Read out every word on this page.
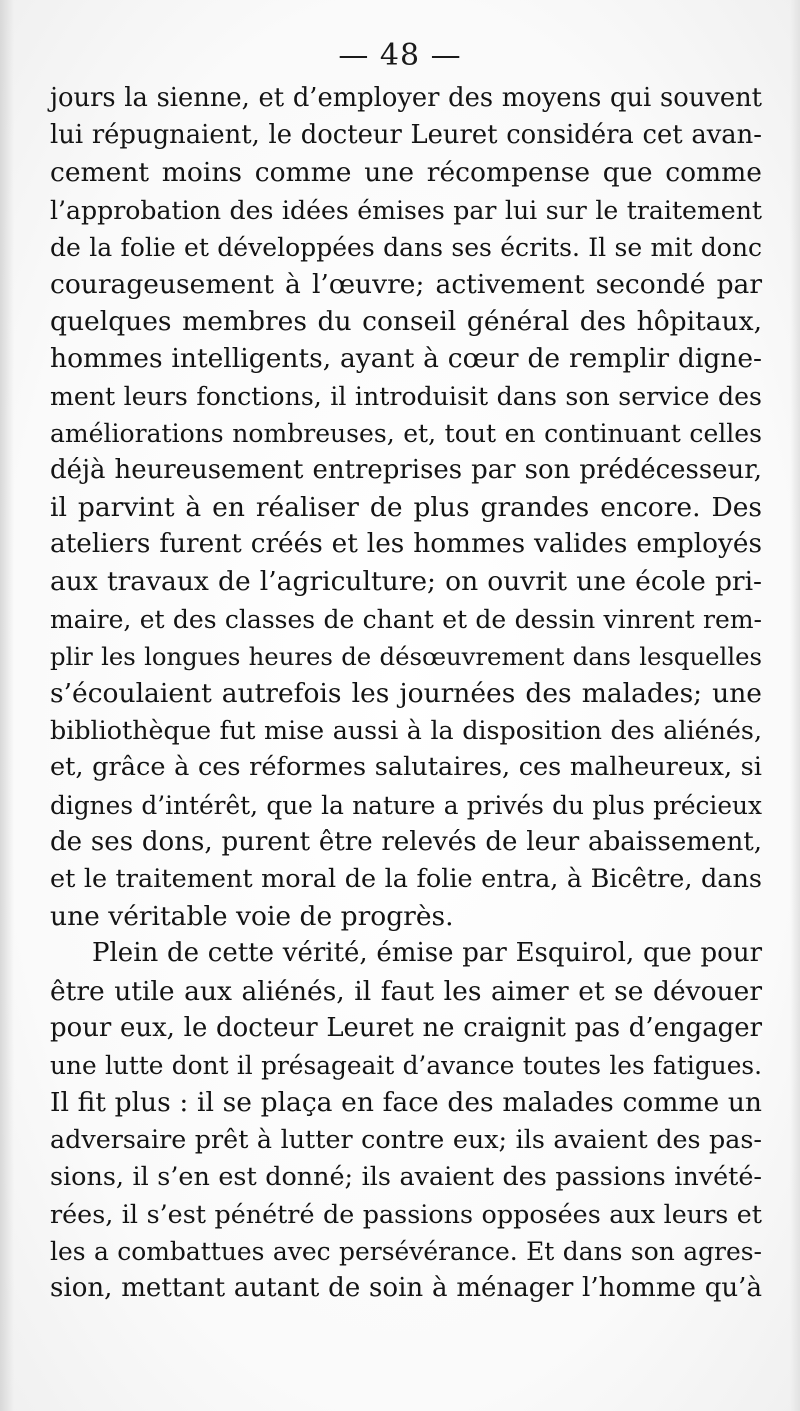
— 48 —
jours la sienne, et d’employer des moyens qui souvent
lui répugnaient, le docteur Leuret considéra cet avan-
cement moins comme une récompense que comme
l’approbation des idées émises par lui sur le traitement
de la folie et développées dans ses écrits. Il se mit donc
courageusement à l’œuvre; activement secondé par
quelques membres du conseil général des hôpitaux,
hommes intelligents, ayant à cœur de remplir digne-
ment leurs fonctions, il introduisit dans son service des
améliorations nombreuses, et, tout en continuant celles
déjà heureusement entreprises par son prédécesseur,
il parvint à en réaliser de plus grandes encore. Des
ateliers furent créés et les hommes valides employés
aux travaux de l’agriculture; on ouvrit une école pri-
maire, et des classes de chant et de dessin vinrent rem-
plir les longues heures de désœuvrement dans lesquelles
s’écoulaient autrefois les journées des malades; une
bibliothèque fut mise aussi à la disposition des aliénés,
et, grâce à ces réformes salutaires, ces malheureux, si
dignes d’intérêt, que la nature a privés du plus précieux
de ses dons, purent être relevés de leur abaissement,
et le traitement moral de la folie entra, à Bicêtre, dans
une véritable voie de progrès.
Plein de cette vérité, émise par Esquirol, que pour
être utile aux aliénés, il faut les aimer et se dévouer
pour eux, le docteur Leuret ne craignit pas d’engager
une lutte dont il présageait d’avance toutes les fatigues.
Il fit plus : il se plaça en face des malades comme un
adversaire prêt à lutter contre eux; ils avaient des pas-
sions, il s’en est donné; ils avaient des passions invété-
rées, il s’est pénétré de passions opposées aux leurs et
les a combattues avec persévérance. Et dans son agres-
sion, mettant autant de soin à ménager l’homme qu’à
